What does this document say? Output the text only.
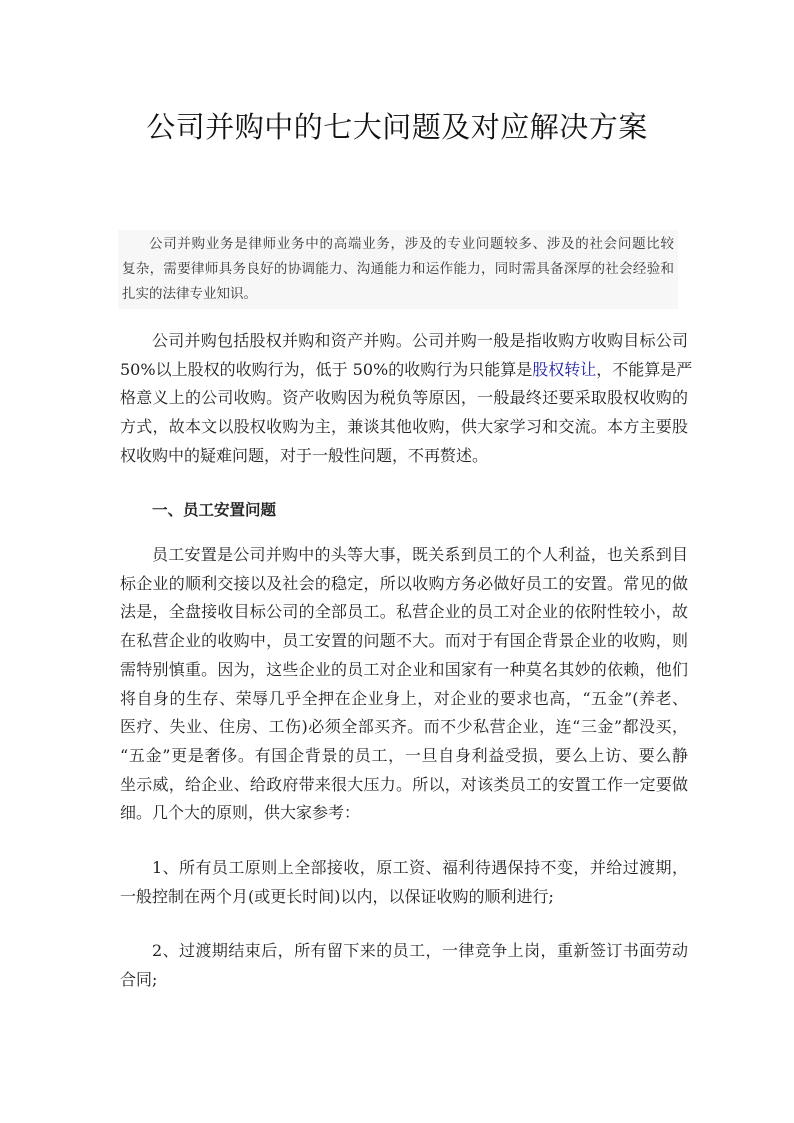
公司并购中的七大问题及对应解决方案
公司并购业务是律师业务中的高端业务，涉及的专业问题较多、涉及的社会问题比较
复杂，需要律师具务良好的协调能力、沟通能力和运作能力，同时需具备深厚的社会经验和
扎实的法律专业知识。
公司并购包括股权并购和资产并购。公司并购一般是指收购方收购目标公司
50%以上股权的收购行为，低于 50%的收购行为只能算是股权转让，不能算是严
格意义上的公司收购。资产收购因为税负等原因，一般最终还要采取股权收购的
方式，故本文以股权收购为主，兼谈其他收购，供大家学习和交流。本方主要股
权收购中的疑难问题，对于一般性问题，不再赘述。
一、员工安置问题
员工安置是公司并购中的头等大事，既关系到员工的个人利益，也关系到目
标企业的顺利交接以及社会的稳定，所以收购方务必做好员工的安置。常见的做
法是，全盘接收目标公司的全部员工。私营企业的员工对企业的依附性较小，故
在私营企业的收购中，员工安置的问题不大。而对于有国企背景企业的收购，则
需特别慎重。因为，这些企业的员工对企业和国家有一种莫名其妙的依赖，他们
将自身的生存、荣辱几乎全押在企业身上，对企业的要求也高，“五金”(养老、
医疗、失业、住房、工伤)必须全部买齐。而不少私营企业，连“三金”都没买，
“五金”更是奢侈。有国企背景的员工，一旦自身利益受损，要么上访、要么静
坐示威，给企业、给政府带来很大压力。所以，对该类员工的安置工作一定要做
细。几个大的原则，供大家参考：
1、所有员工原则上全部接收，原工资、福利待遇保持不变，并给过渡期，
一般控制在两个月(或更长时间)以内，以保证收购的顺利进行;
2、过渡期结束后，所有留下来的员工，一律竞争上岗，重新签订书面劳动
合同;
